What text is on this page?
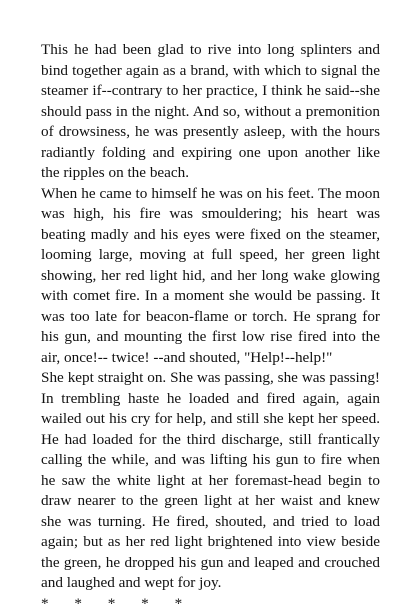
This he had been glad to rive into long splinters and bind together again as a brand, with which to signal the steamer if--contrary to her practice, I think he said--she should pass in the night. And so, without a premonition of drowsiness, he was presently asleep, with the hours radiantly folding and expiring one upon another like the ripples on the beach.

When he came to himself he was on his feet. The moon was high, his fire was smouldering; his heart was beating madly and his eyes were fixed on the steamer, looming large, moving at full speed, her green light showing, her red light hid, and her long wake glowing with comet fire. In a moment she would be passing. It was too late for beacon-flame or torch. He sprang for his gun, and mounting the first low rise fired into the air, once!-- twice! --and shouted, "Help!--help!"

She kept straight on. She was passing, she was passing! In trembling haste he loaded and fired again, again wailed out his cry for help, and still she kept her speed. He had loaded for the third discharge, still frantically calling the while, and was lifting his gun to fire when he saw the white light at her foremast-head begin to draw nearer to the green light at her waist and knew she was turning. He fired, shouted, and tried to load again; but as her red light brightened into view beside the green, he dropped his gun and leaped and crouched and laughed and wept for joy.

* * * * *
